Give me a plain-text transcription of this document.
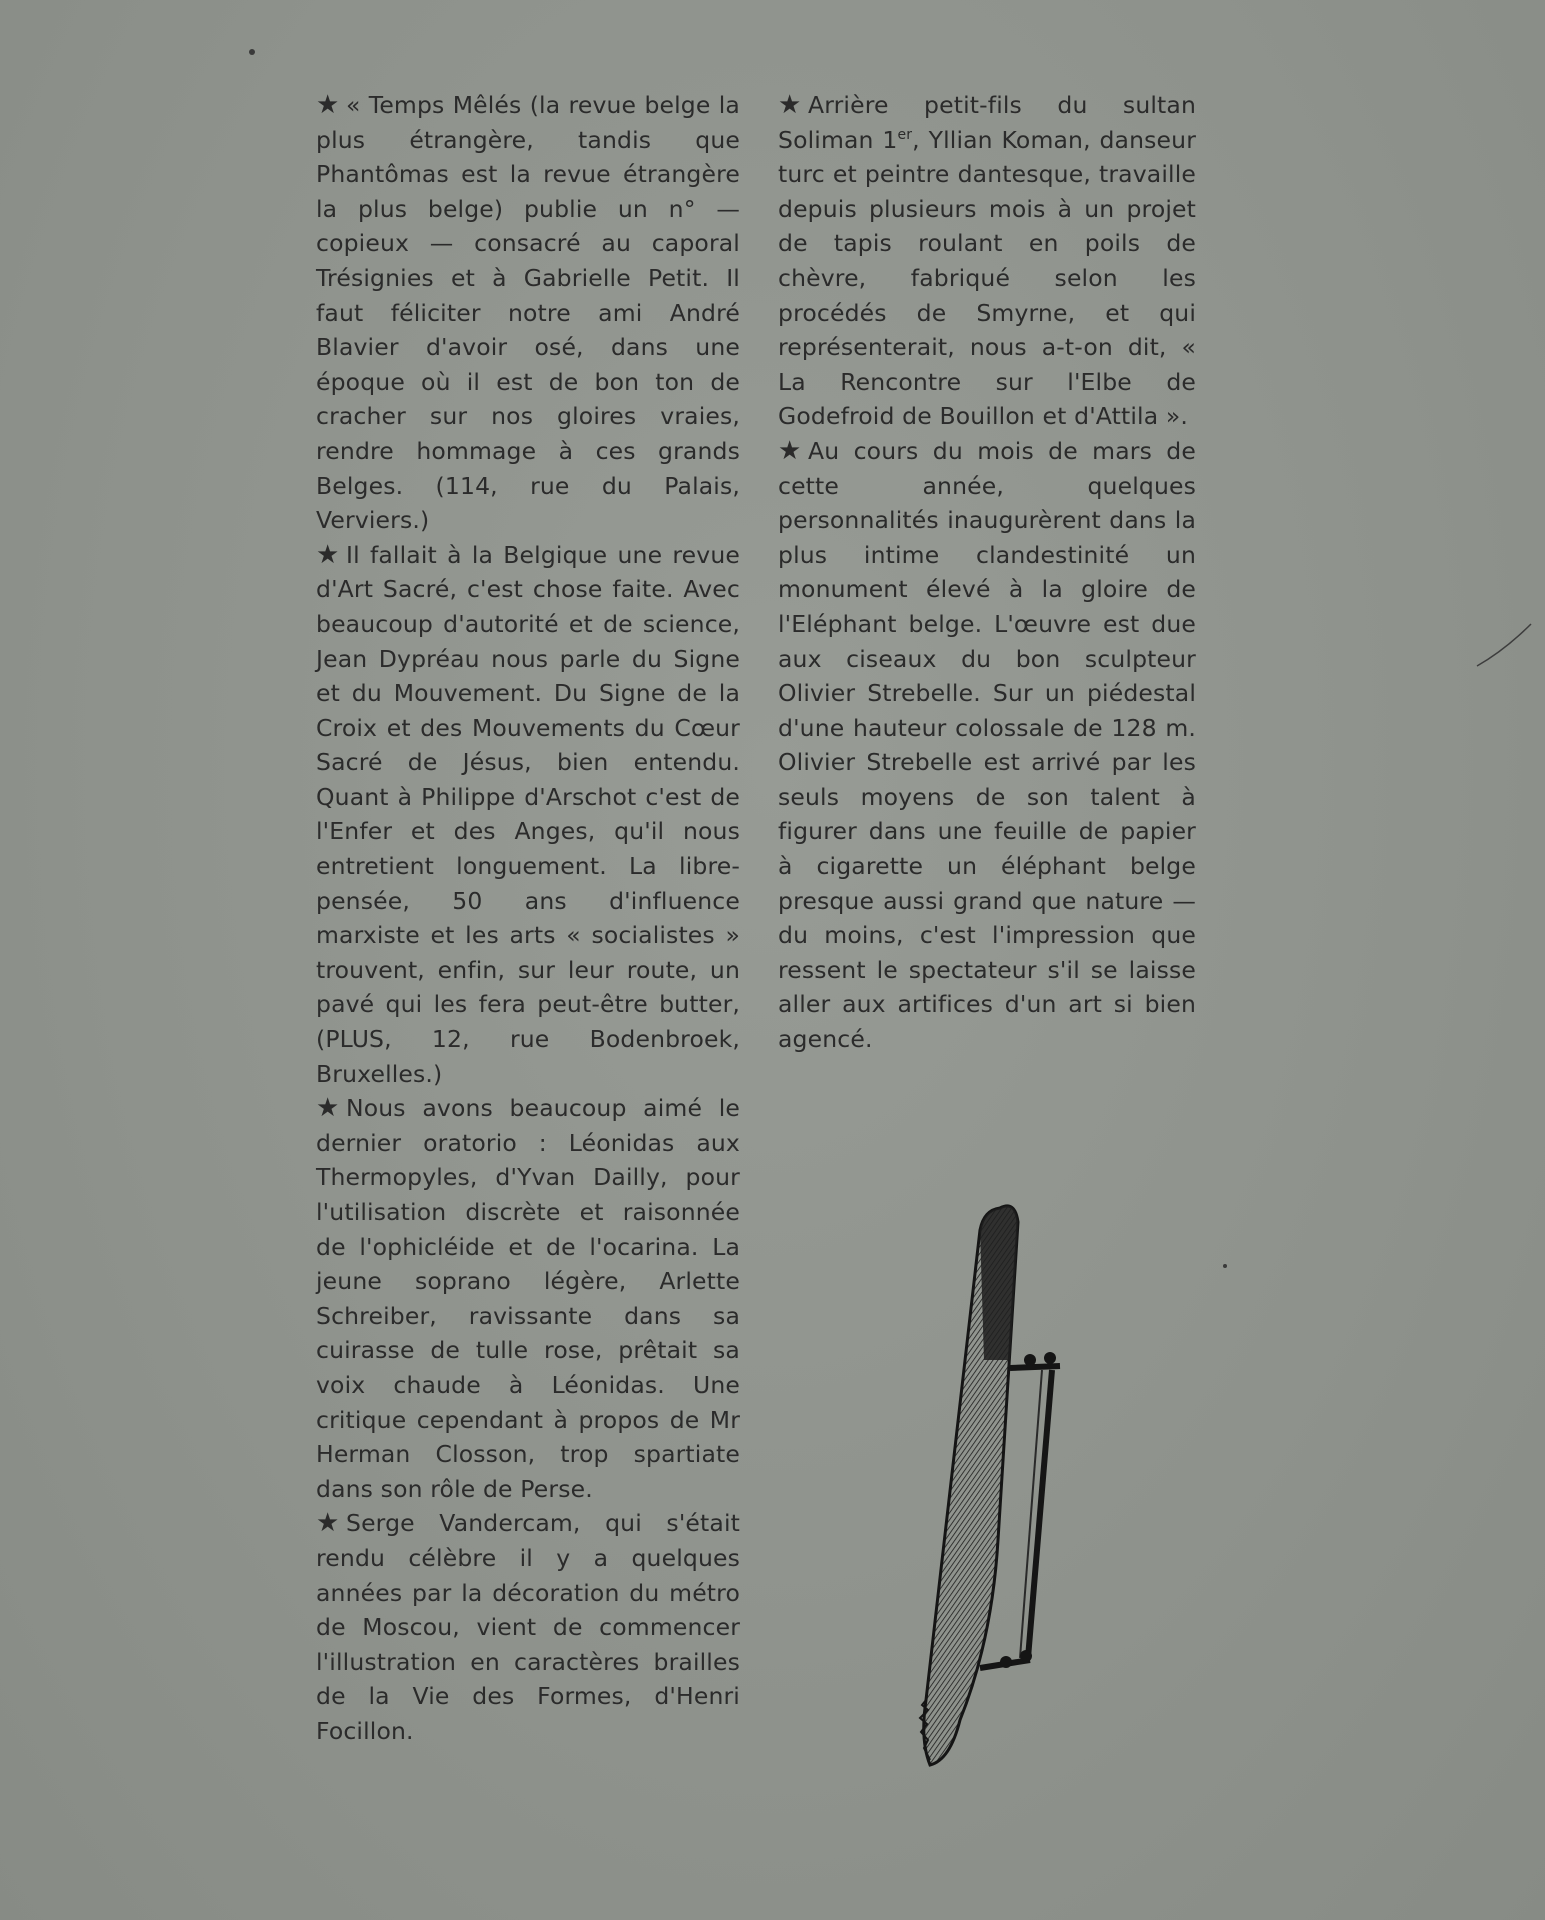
★ « Temps Mêlés (la revue belge la plus étrangère, tandis que Phantômas est la revue étrangère la plus belge) publie un n° — copieux — consacré au caporal Trésignies et à Gabrielle Petit. Il faut féliciter notre ami André Blavier d'avoir osé, dans une époque où il est de bon ton de cracher sur nos gloires vraies, rendre hommage à ces grands Belges. (114, rue du Palais, Verviers.)

★ Il fallait à la Belgique une revue d'Art Sacré, c'est chose faite. Avec beaucoup d'autorité et de science, Jean Dypréau nous parle du Signe et du Mouvement. Du Signe de la Croix et des Mouvements du Cœur Sacré de Jésus, bien entendu. Quant à Philippe d'Arschot c'est de l'Enfer et des Anges, qu'il nous entretient longuement. La libre-pensée, 50 ans d'influence marxiste et les arts « socialistes » trouvent, enfin, sur leur route, un pavé qui les fera peut-être butter, (PLUS, 12, rue Bodenbroek, Bruxelles.)

★ Nous avons beaucoup aimé le dernier oratorio : Léonidas aux Thermopyles, d'Yvan Dailly, pour l'utilisation discrète et raisonnée de l'ophicléide et de l'ocarina. La jeune soprano légère, Arlette Schreiber, ravissante dans sa cuirasse de tulle rose, prêtait sa voix chaude à Léonidas. Une critique cependant à propos de Mr Herman Closson, trop spartiate dans son rôle de Perse.

★ Serge Vandercam, qui s'était rendu célèbre il y a quelques années par la décoration du métro de Moscou, vient de commencer l'illustration en caractères brailles de la Vie des Formes, d'Henri Focillon.

★ Arrière petit-fils du sultan Soliman 1er, Yllian Koman, danseur turc et peintre dantesque, travaille depuis plusieurs mois à un projet de tapis roulant en poils de chèvre, fabriqué selon les procédés de Smyrne, et qui représenterait, nous a-t-on dit, « La Rencontre sur l'Elbe de Godefroid de Bouillon et d'Attila ».

★ Au cours du mois de mars de cette année, quelques personnalités inaugurèrent dans la plus intime clandestinité un monument élevé à la gloire de l'Eléphant belge. L'œuvre est due aux ciseaux du bon sculpteur Olivier Strebelle. Sur un piédestal d'une hauteur colossale de 128 m. Olivier Strebelle est arrivé par les seuls moyens de son talent à figurer dans une feuille de papier à cigarette un éléphant belge presque aussi grand que nature — du moins, c'est l'impression que ressent le spectateur s'il se laisse aller aux artifices d'un art si bien agencé.
